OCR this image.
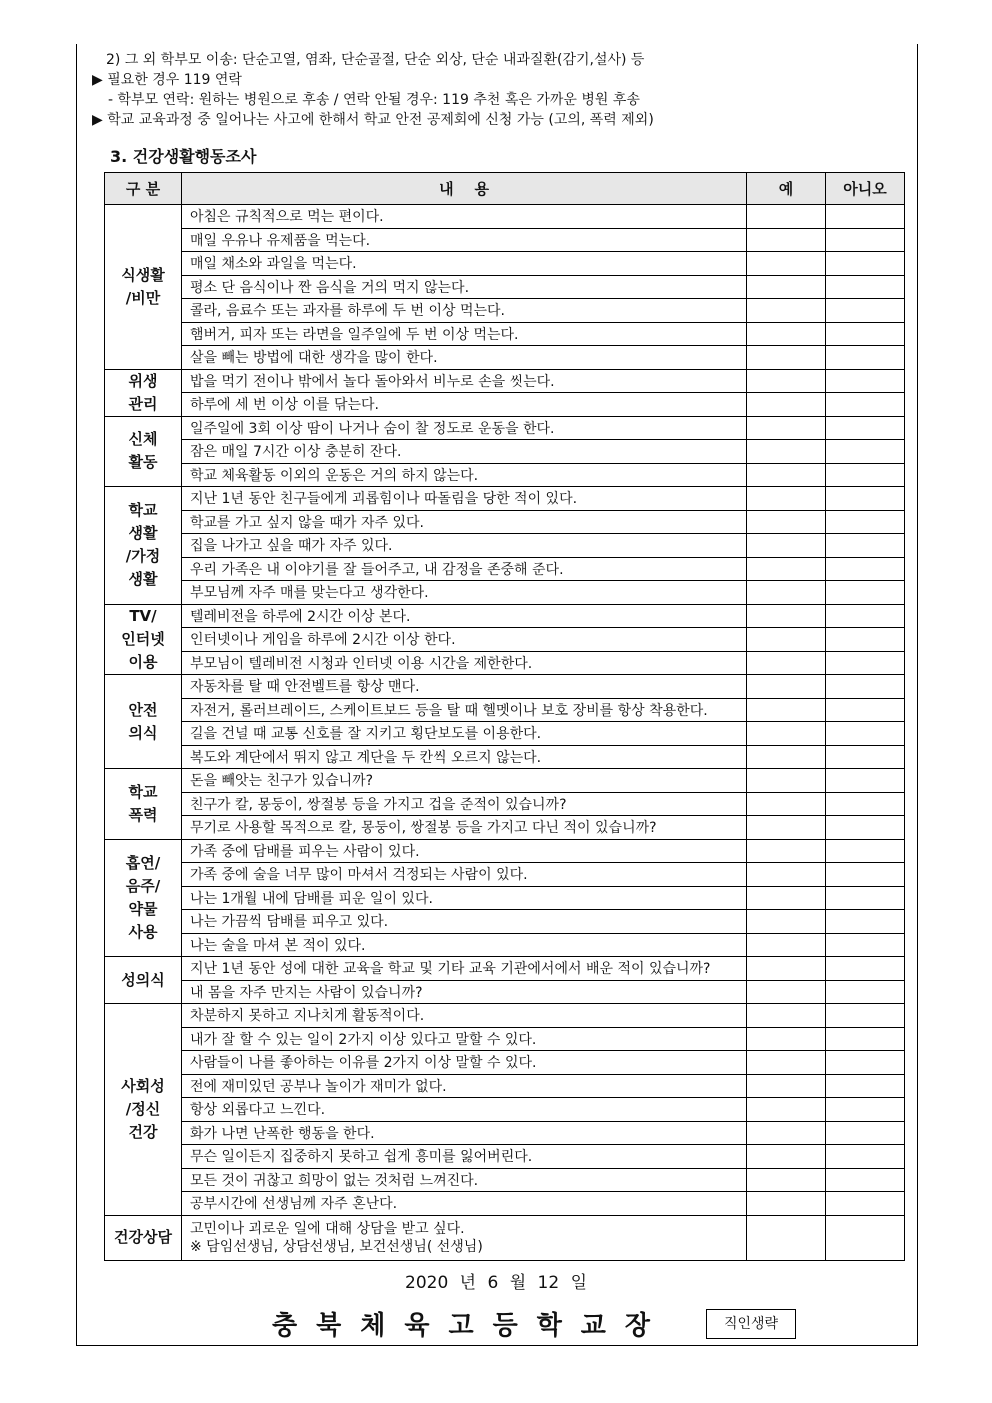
2) 그 외 학부모 이송: 단순고열, 염좌, 단순골절, 단순 외상, 단순 내과질환(감기,설사) 등
▶ 필요한 경우 119 연락
- 학부모 연락: 원하는 병원으로 후송 / 연락 안될 경우: 119 추천 혹은 가까운 병원 후송
▶ 학교 교육과정 중 일어나는 사고에 한해서 학교 안전 공제회에 신청 가능 (고의, 폭력 제외)
3. 건강생활행동조사
구 분	내    용	예	아니오
식생활
/비만	아침은 규칙적으로 먹는 편이다.		
	매일 우유나 유제품을 먹는다.		
	매일 채소와 과일을 먹는다.		
	평소 단 음식이나 짠 음식을 거의 먹지 않는다.		
	콜라, 음료수 또는 과자를 하루에 두 번 이상 먹는다.		
	햄버거, 피자 또는 라면을 일주일에 두 번 이상 먹는다.		
	살을 빼는 방법에 대한 생각을 많이 한다.		
위생
관리	밥을 먹기 전이나 밖에서 놀다 돌아와서 비누로 손을 씻는다.		
	하루에 세 번 이상 이를 닦는다.		
신체
활동	일주일에 3회 이상 땀이 나거나 숨이 찰 정도로 운동을 한다.		
	잠은 매일 7시간 이상 충분히 잔다.		
	학교 체육활동 이외의 운동은 거의 하지 않는다.		
학교
생활
/가정
생활	지난 1년 동안 친구들에게 괴롭힘이나 따돌림을 당한 적이 있다.		
	학교를 가고 싶지 않을 때가 자주 있다.		
	집을 나가고 싶을 때가 자주 있다.		
	우리 가족은 내 이야기를 잘 들어주고, 내 감정을 존중해 준다.		
	부모님께 자주 매를 맞는다고 생각한다.		
TV/
인터넷
이용	텔레비전을 하루에 2시간 이상 본다.		
	인터넷이나 게임을 하루에 2시간 이상 한다.		
	부모님이 텔레비전 시청과 인터넷 이용 시간을 제한한다.		
안전
의식	자동차를 탈 때 안전벨트를 항상 맨다.		
	자전거, 롤러브레이드, 스케이트보드 등을 탈 때 헬멧이나 보호 장비를 항상 착용한다.		
	길을 건널 때 교통 신호를 잘 지키고 횡단보도를 이용한다.		
	복도와 계단에서 뛰지 않고 계단을 두 칸씩 오르지 않는다.		
학교
폭력	돈을 빼앗는 친구가 있습니까?		
	친구가 칼, 몽둥이, 쌍절봉 등을 가지고 겁을 준적이 있습니까?		
	무기로 사용할 목적으로 칼, 몽둥이, 쌍절봉 등을 가지고 다닌 적이 있습니까?		
흡연/
음주/
약물
사용	가족 중에 담배를 피우는 사람이 있다.		
	가족 중에 술을 너무 많이 마셔서 걱정되는 사람이 있다.		
	나는 1개월 내에 담배를 피운 일이 있다.		
	나는 가끔씩 담배를 피우고 있다.		
	나는 술을 마셔 본 적이 있다.		
성의식	지난 1년 동안 성에 대한 교육을 학교 및 기타 교육 기관에서에서 배운 적이 있습니까?		
	내 몸을 자주 만지는 사람이 있습니까?		
사회성
/정신
건강	차분하지 못하고 지나치게 활동적이다.		
	내가 잘 할 수 있는 일이 2가지 이상 있다고 말할 수 있다.		
	사람들이 나를 좋아하는 이유를 2가지 이상 말할 수 있다.		
	전에 재미있던 공부나 놀이가 재미가 없다.		
	항상 외롭다고 느낀다.		
	화가 나면 난폭한 행동을 한다.		
	무슨 일이든지 집중하지 못하고 쉽게 흥미를 잃어버린다.		
	모든 것이 귀찮고 희망이 없는 것처럼 느껴진다.		
	공부시간에 선생님께 자주 혼난다.		
건강상담	고민이나 괴로운 일에 대해 상담을 받고 싶다.
※ 담임선생님, 상담선생님, 보건선생님( 선생님)		
2020 년 6 월 12 일
충북체육고등학교장	직인생략
